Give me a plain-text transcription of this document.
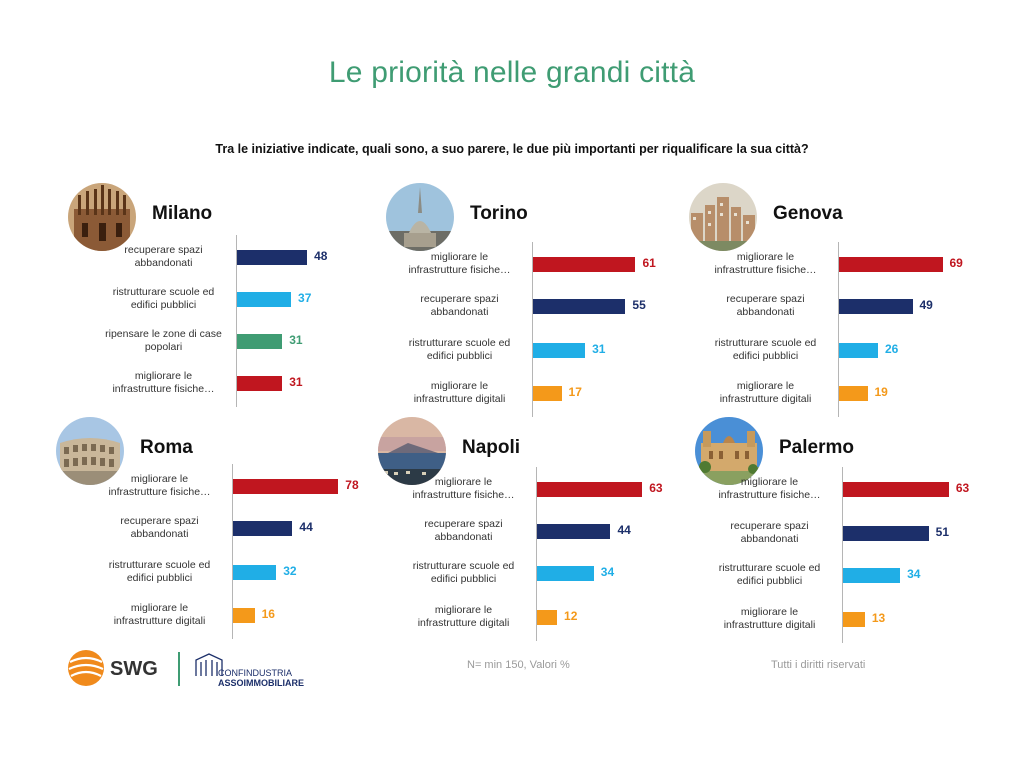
Le priorità nelle grandi città
Tra le iniziative indicate, quali sono, a suo parere, le due più importanti per riqualificare la sua città?
Milano
recuperare spazi
abbandonati	48
ristrutturare scuole ed
edifici pubblici	37
ripensare le zone di case
popolari	31
migliorare le
infrastrutture fisiche…	31
Torino
migliorare le
infrastrutture fisiche…	61
recuperare spazi
abbandonati	55
ristrutturare scuole ed
edifici pubblici	31
migliorare le
infrastrutture digitali	17
Genova
migliorare le
infrastrutture fisiche…	69
recuperare spazi
abbandonati	49
ristrutturare scuole ed
edifici pubblici	26
migliorare le
infrastrutture digitali	19
Roma
migliorare le
infrastrutture fisiche…	78
recuperare spazi
abbandonati	44
ristrutturare scuole ed
edifici pubblici	32
migliorare le
infrastrutture digitali	16
Napoli
migliorare le
infrastrutture fisiche…	63
recuperare spazi
abbandonati	44
ristrutturare scuole ed
edifici pubblici	34
migliorare le
infrastrutture digitali	12
Palermo
migliorare le
infrastrutture fisiche…	63
recuperare spazi
abbandonati	51
ristrutturare scuole ed
edifici pubblici	34
migliorare le
infrastrutture digitali	13
SWG	CONFINDUSTRIA
ASSOIMMOBILIARE
N= min 150, Valori %	Tutti i diritti riservati
